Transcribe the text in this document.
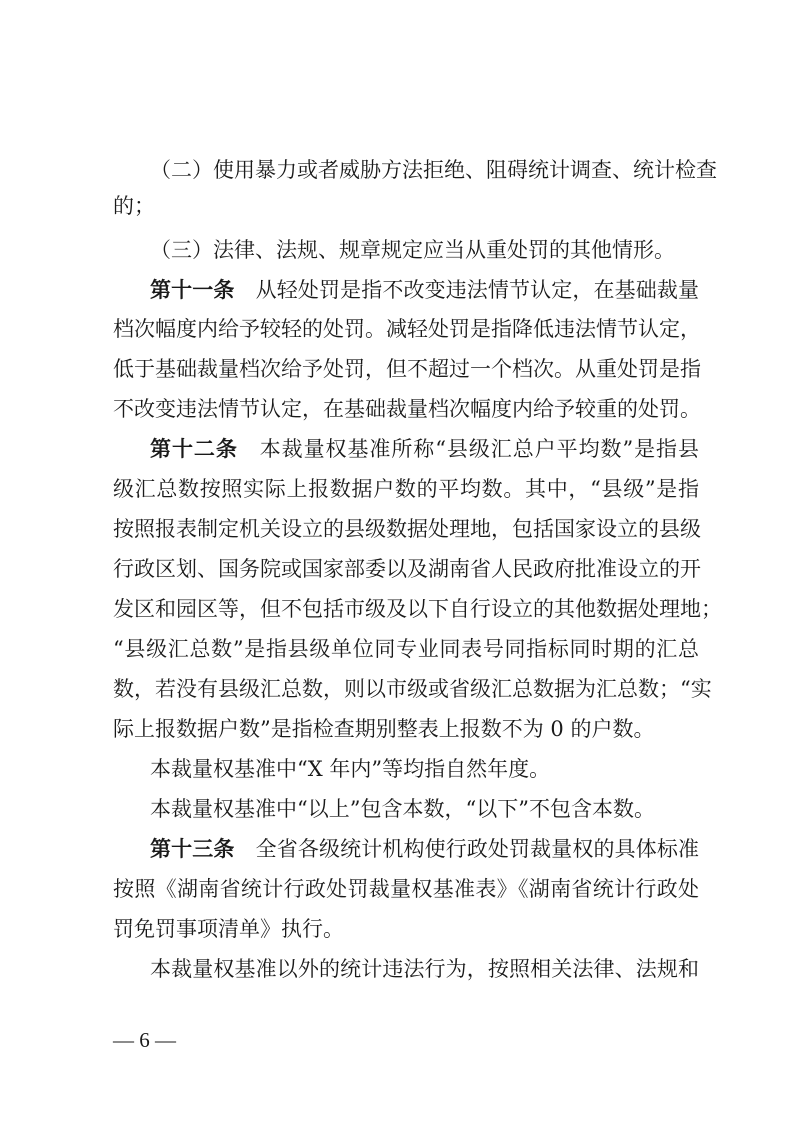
（二）使用暴力或者威胁方法拒绝、阻碍统计调查、统计检查
的；
（三）法律、法规、规章规定应当从重处罚的其他情形。
第十一条　 从轻处罚是指不改变违法情节认定，在基础裁量
档次幅度内给予较轻的处罚。减轻处罚是指降低违法情节认定，
低于基础裁量档次给予处罚，但不超过一个档次。从重处罚是指
不改变违法情节认定，在基础裁量档次幅度内给予较重的处罚。
第十二条　 本裁量权基准所称“县级汇总户平均数”是指县
级汇总数按照实际上报数据户数的平均数。其中，“县级”是指
按照报表制定机关设立的县级数据处理地，包括国家设立的县级
行政区划、国务院或国家部委以及湖南省人民政府批准设立的开
发区和园区等，但不包括市级及以下自行设立的其他数据处理地；
“县级汇总数”是指县级单位同专业同表号同指标同时期的汇总
数，若没有县级汇总数，则以市级或省级汇总数据为汇总数；“实
际上报数据户数”是指检查期别整表上报数不为 0 的户数。
本裁量权基准中“X 年内”等均指自然年度。
本裁量权基准中“以上”包含本数，“以下”不包含本数。
第十三条　 全省各级统计机构使行政处罚裁量权的具体标准
按照《湖南省统计行政处罚裁量权基准表》《湖南省统计行政处
罚免罚事项清单》执行。
本裁量权基准以外的统计违法行为，按照相关法律、法规和
— 6 —
